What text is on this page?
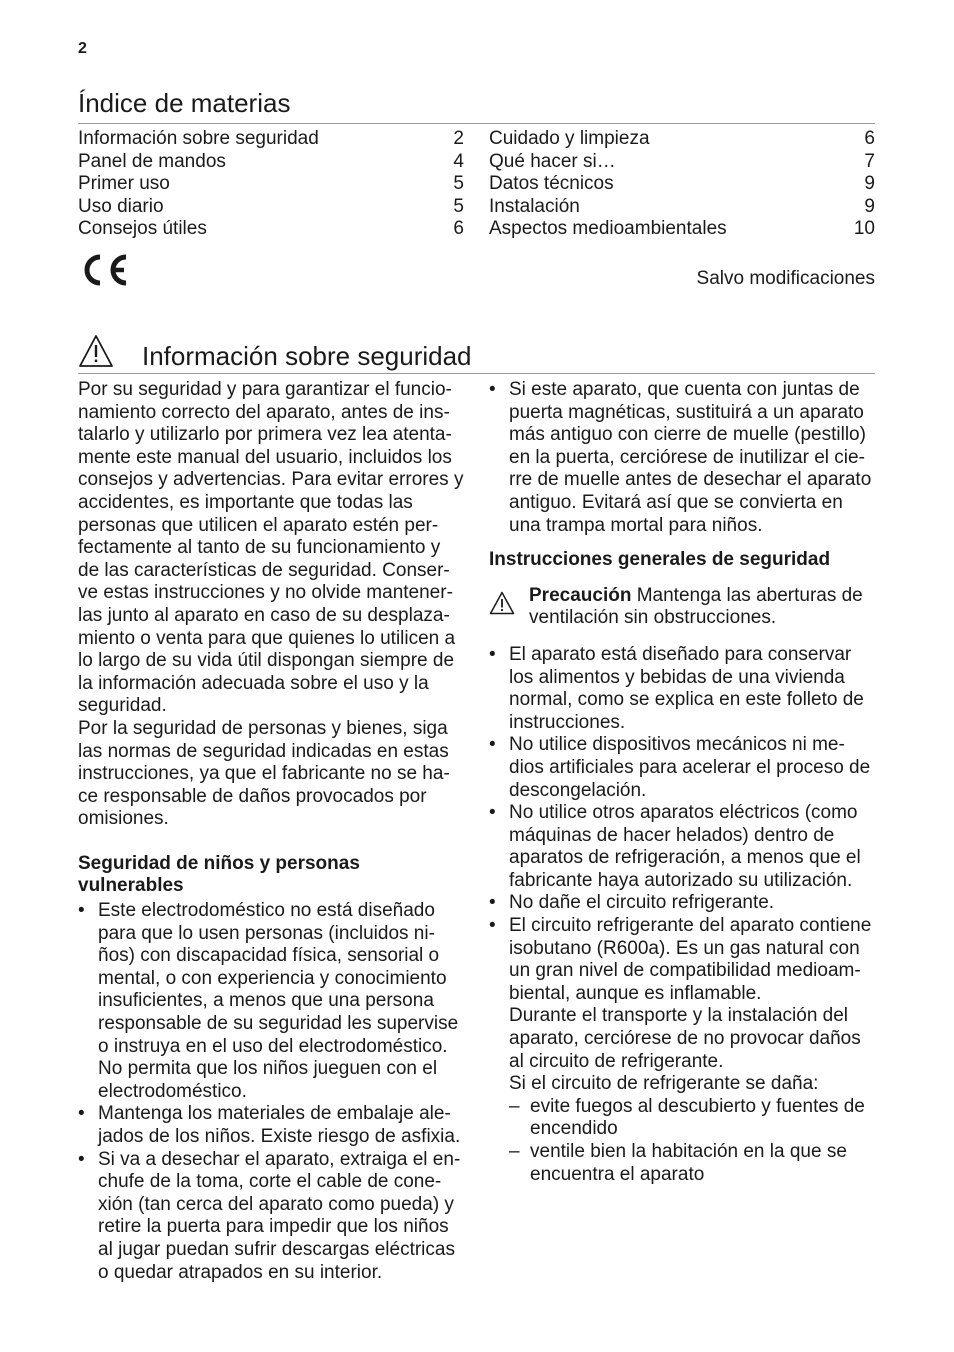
2
Índice de materias
Información sobre seguridad	2
Panel de mandos	4
Primer uso	5
Uso diario	5
Consejos útiles	6
Cuidado y limpieza	6
Qué hacer si…	7
Datos técnicos	9
Instalación	9
Aspectos medioambientales	10
Salvo modificaciones
Información sobre seguridad

Por su seguridad y para garantizar el funcio-namiento correcto del aparato, antes de ins-talarlo y utilizarlo por primera vez lea atenta-mente este manual del usuario, incluidos los consejos y advertencias. Para evitar errores y accidentes, es importante que todas las personas que utilicen el aparato estén per-fectamente al tanto de su funcionamiento y de las características de seguridad. Conser-ve estas instrucciones y no olvide mantener-las junto al aparato en caso de su desplaza-miento o venta para que quienes lo utilicen a lo largo de su vida útil dispongan siempre de la información adecuada sobre el uso y la seguridad.

Por la seguridad de personas y bienes, siga las normas de seguridad indicadas en estas instrucciones, ya que el fabricante no se ha-ce responsable de daños provocados por omisiones.

Seguridad de niños y personas vulnerables

• Este electrodoméstico no está diseñado para que lo usen personas (incluidos ni-ños) con discapacidad física, sensorial o mental, o con experiencia y conocimiento insuficientes, a menos que una persona responsable de su seguridad les supervise o instruya en el uso del electrodoméstico. No permita que los niños jueguen con el electrodoméstico.
• Mantenga los materiales de embalaje ale-jados de los niños. Existe riesgo de asfixia.
• Si va a desechar el aparato, extraiga el en-chufe de la toma, corte el cable de cone-xión (tan cerca del aparato como pueda) y retire la puerta para impedir que los niños al jugar puedan sufrir descargas eléctricas o quedar atrapados en su interior.
• Si este aparato, que cuenta con juntas de puerta magnéticas, sustituirá a un aparato más antiguo con cierre de muelle (pestillo) en la puerta, cerciórese de inutilizar el cie-rre de muelle antes de desechar el aparato antiguo. Evitará así que se convierta en una trampa mortal para niños.

Instrucciones generales de seguridad

Precaución Mantenga las aberturas de ventilación sin obstrucciones.

• El aparato está diseñado para conservar los alimentos y bebidas de una vivienda normal, como se explica en este folleto de instrucciones.
• No utilice dispositivos mecánicos ni me-dios artificiales para acelerar el proceso de descongelación.
• No utilice otros aparatos eléctricos (como máquinas de hacer helados) dentro de aparatos de refrigeración, a menos que el fabricante haya autorizado su utilización.
• No dañe el circuito refrigerante.
• El circuito refrigerante del aparato contiene isobutano (R600a). Es un gas natural con un gran nivel de compatibilidad medioam-biental, aunque es inflamable.

Durante el transporte y la instalación del aparato, cerciórese de no provocar daños al circuito de refrigerante.

Si el circuito de refrigerante se daña:

– evite fuegos al descubierto y fuentes de encendido
– ventile bien la habitación en la que se encuentra el aparato
